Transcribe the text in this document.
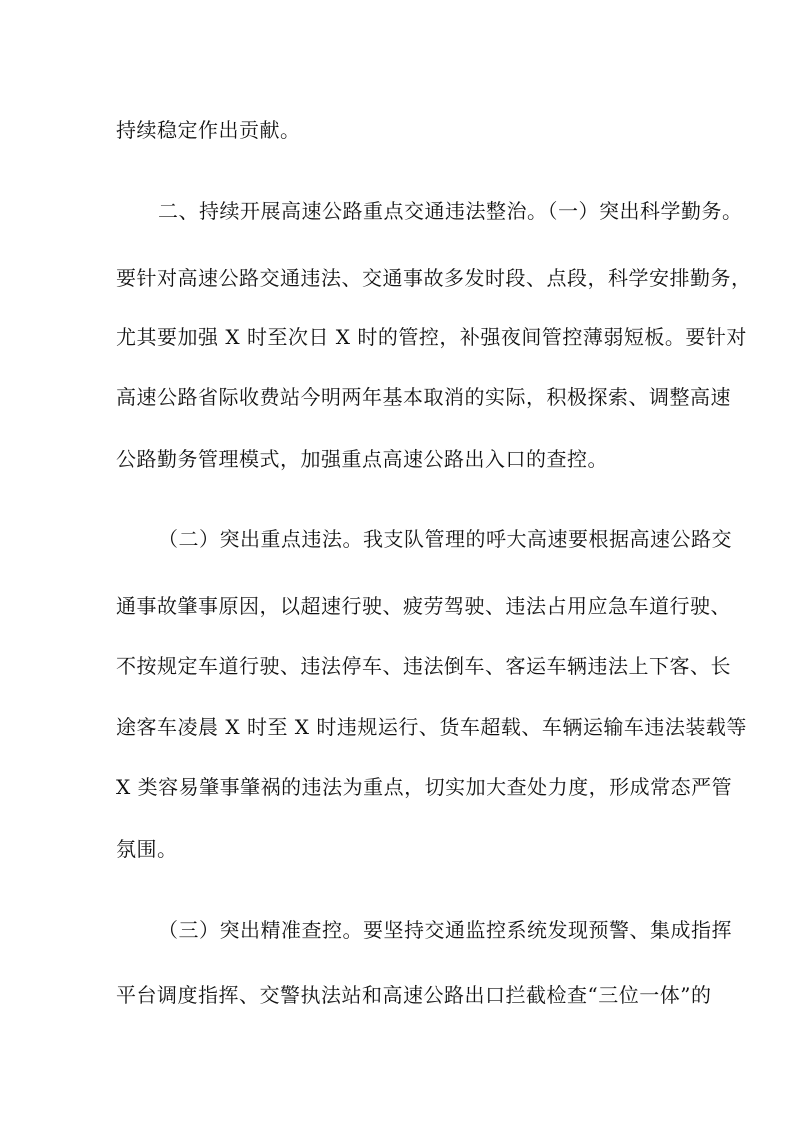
持续稳定作出贡献。
二、持续开展高速公路重点交通违法整治。（一）突出科学勤务。
要针对高速公路交通违法、交通事故多发时段、点段，科学安排勤务，
尤其要加强 X 时至次日 X 时的管控，补强夜间管控薄弱短板。要针对
高速公路省际收费站今明两年基本取消的实际，积极探索、调整高速
公路勤务管理模式，加强重点高速公路出入口的查控。
（二）突出重点违法。我支队管理的呼大高速要根据高速公路交
通事故肇事原因，以超速行驶、疲劳驾驶、违法占用应急车道行驶、
不按规定车道行驶、违法停车、违法倒车、客运车辆违法上下客、长
途客车凌晨 X 时至 X 时违规运行、货车超载、车辆运输车违法装载等
X 类容易肇事肇祸的违法为重点，切实加大查处力度，形成常态严管
氛围。
（三）突出精准查控。要坚持交通监控系统发现预警、集成指挥
平台调度指挥、交警执法站和高速公路出口拦截检查“三位一体”的
